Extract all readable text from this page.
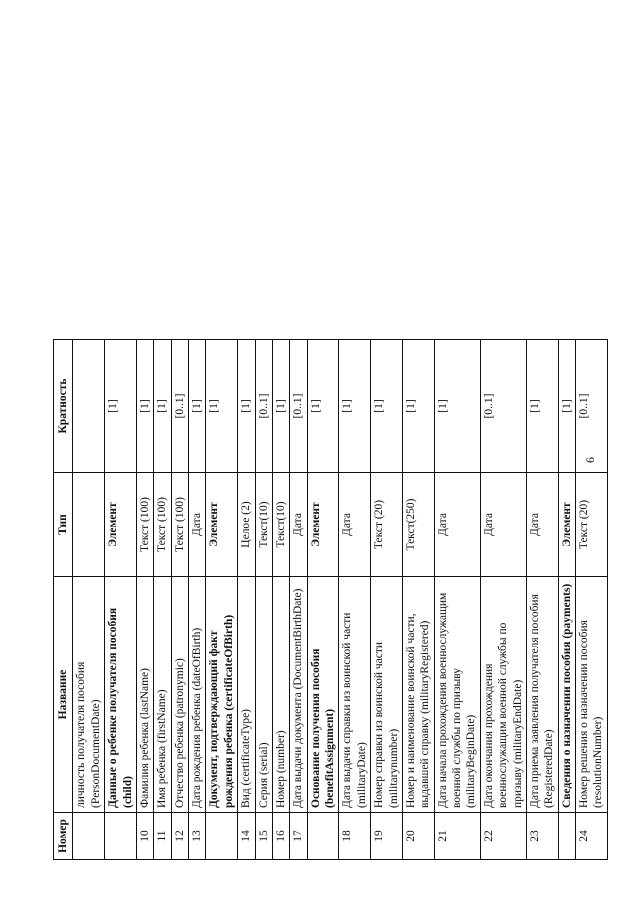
Номер	Название	Тип	Кратность
	личность получателя пособия (PersonDocumentDate)		
	Данные о ребенке получателя пособия (child)	Элемент	[1]
10	Фамилия ребенка (lastName)	Текст (100)	[1]
11	Имя ребенка (firstName)	Текст (100)	[1]
12	Отчество ребенка (patronymic)	Текст (100)	[0..1]
13	Дата рождения ребенка (dateOfBirth)	Дата	[1]
	Документ, подтверждающий факт рождения ребенка (certificateOfBirth)	Элемент	[1]
14	Вид (certificateType)	Целое (2)	[1]
15	Серия (serial)	Текст(10)	[0..1]
16	Номер (number)	Текст(10)	[1]
17	Дата выдачи документа (DocumentBirthDate)	Дата	[0..1]
	Основание получения пособия (benefitAssignment)	Элемент	[1]
18	Дата выдачи справки из воинской части (militaryDate)	Дата	[1]
19	Номер справки из воинской части (militarynumber)	Текст (20)	[1]
20	Номер и наименование воинской части, выдавшей справку (militaryRegistered)	Текст(250)	[1]
21	Дата начала прохождения военнослужащим военной службы по призыву (militaryBeginDate)	Дата	[1]
22	Дата окончания прохождения военнослужащим военной службы по призыву (militaryEndDate)	Дата	[0..1]
23	Дата приема заявления получателя пособия (RegisteredDate)	Дата	[1]
	Сведения о назначении пособия (payments)	Элемент	[1]
24	Номер решения о назначении пособия (resolutionNumber)	Текст (20)	[0..1]
6
